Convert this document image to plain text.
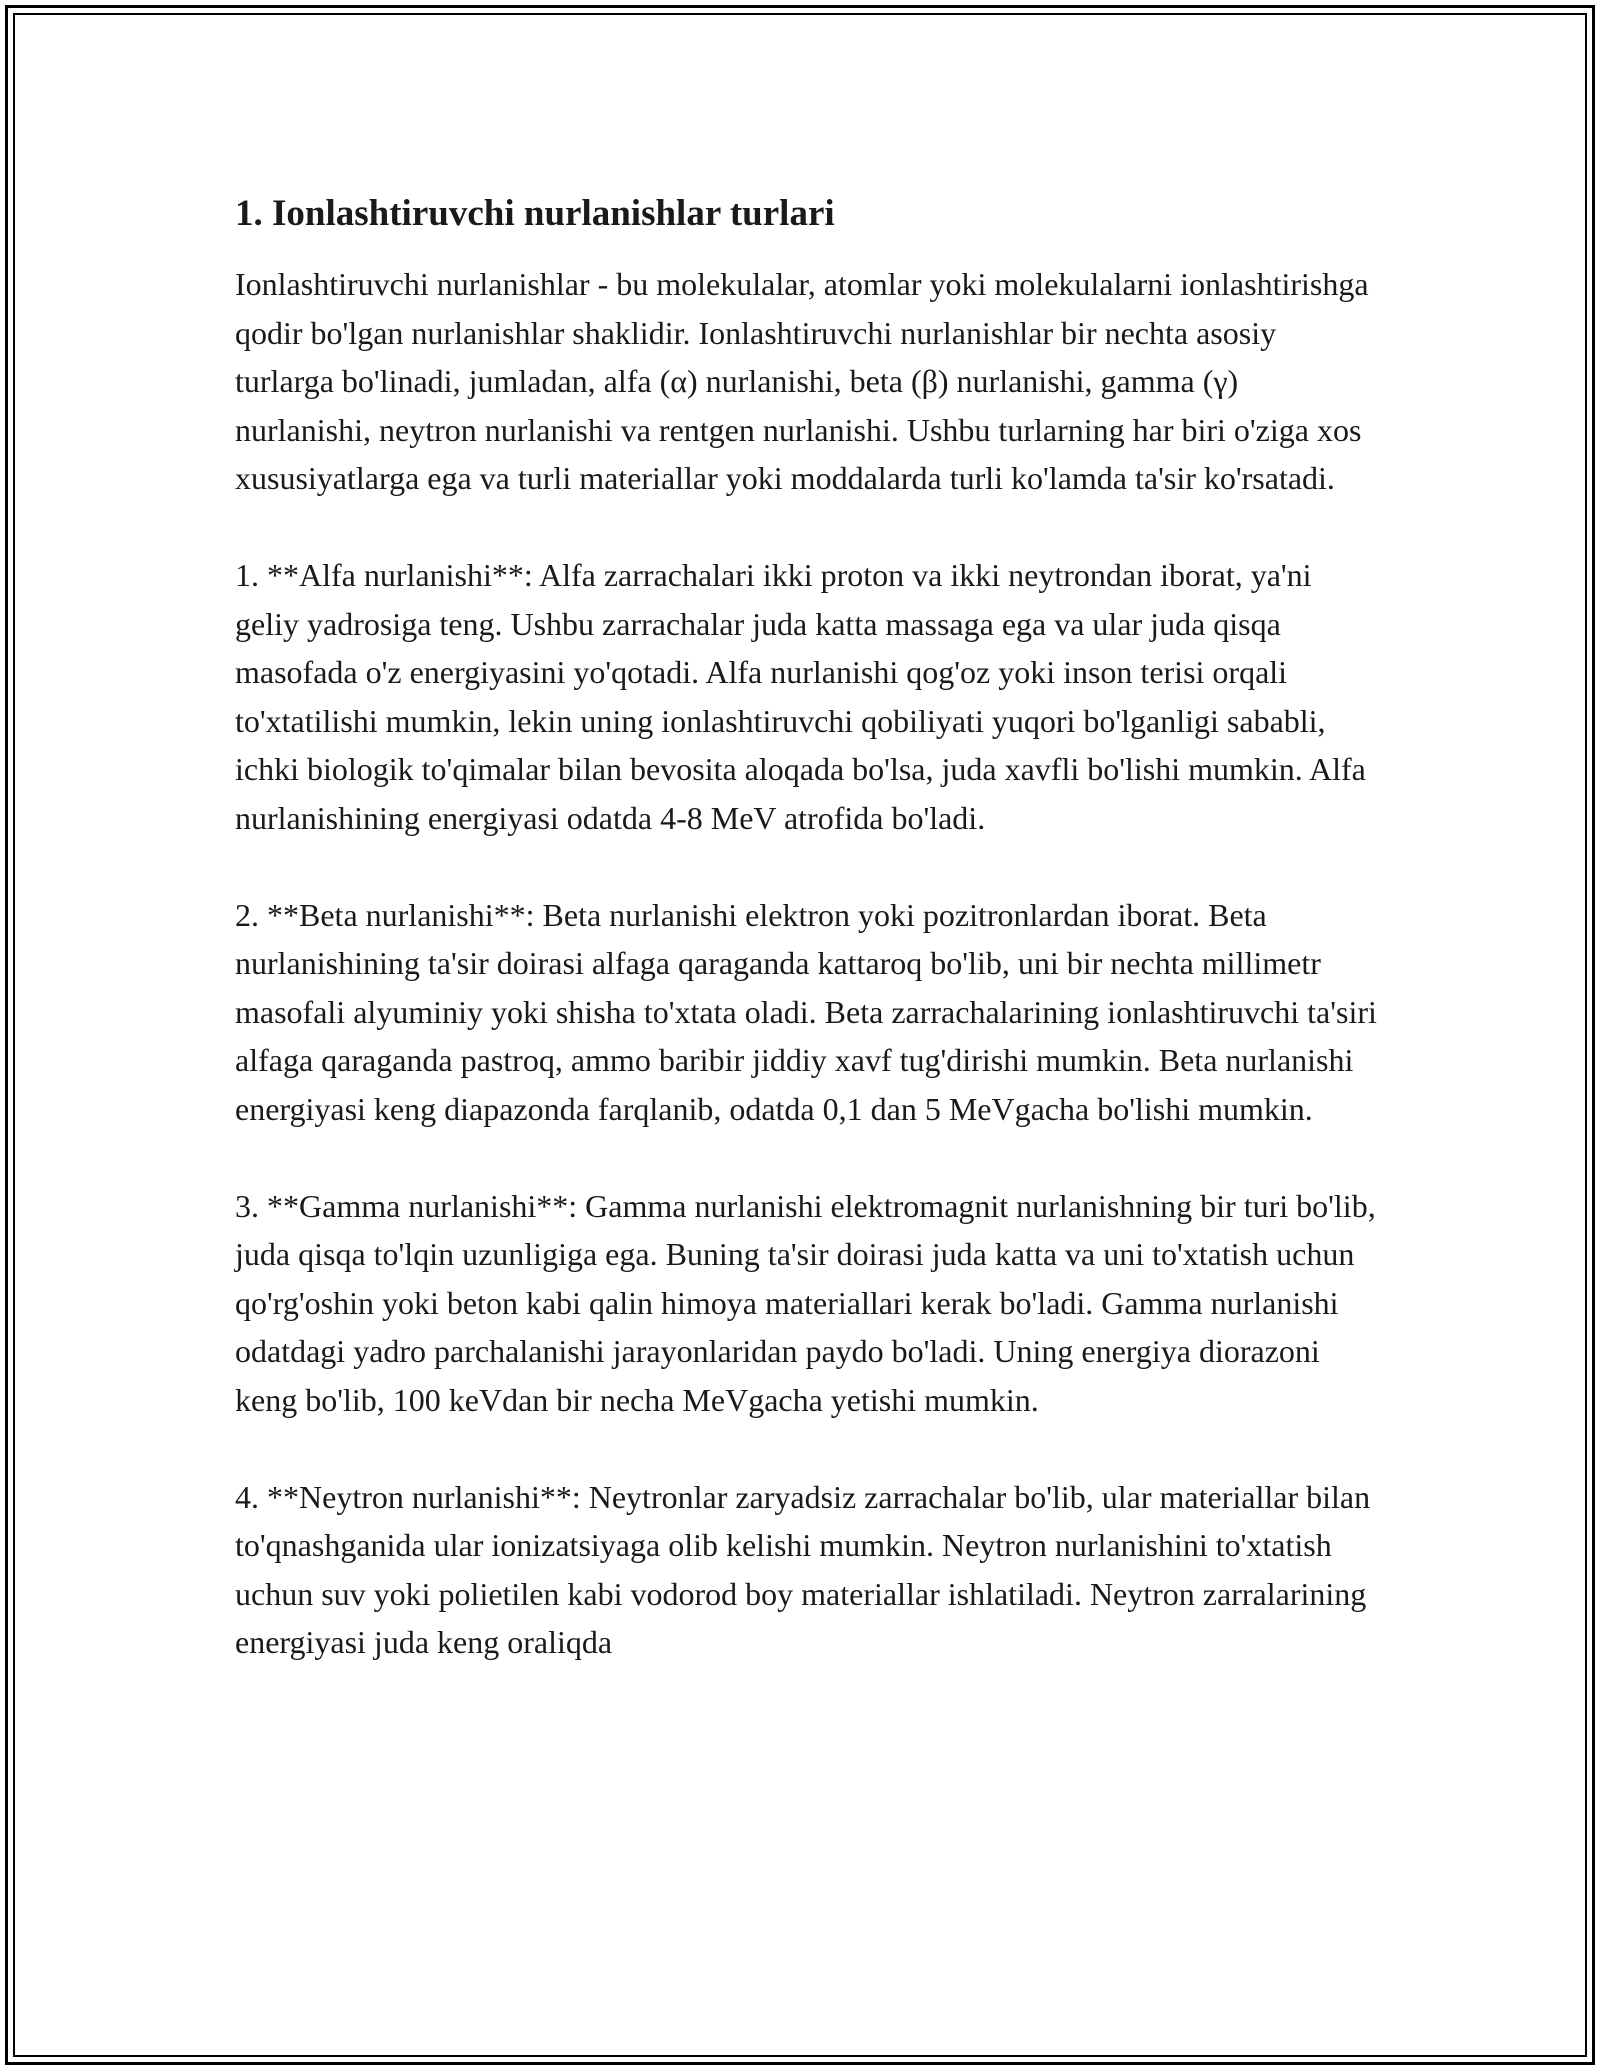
1. Ionlashtiruvchi nurlanishlar turlari

Ionlashtiruvchi nurlanishlar - bu molekulalar, atomlar yoki molekulalarni ionlashtirishga qodir bo'lgan nurlanishlar shaklidir. Ionlashtiruvchi nurlanishlar bir nechta asosiy turlarga bo'linadi, jumladan, alfa (α) nurlanishi, beta (β) nurlanishi, gamma (γ) nurlanishi, neytron nurlanishi va rentgen nurlanishi. Ushbu turlarning har biri o'ziga xos xususiyatlarga ega va turli materiallar yoki moddalarda turli ko'lamda ta'sir ko'rsatadi.

1. **Alfa nurlanishi**: Alfa zarrachalari ikki proton va ikki neytrondan iborat, ya'ni geliy yadrosiga teng. Ushbu zarrachalar juda katta massaga ega va ular juda qisqa masofada o'z energiyasini yo'qotadi. Alfa nurlanishi qog'oz yoki inson terisi orqali to'xtatilishi mumkin, lekin uning ionlashtiruvchi qobiliyati yuqori bo'lganligi sababli, ichki biologik to'qimalar bilan bevosita aloqada bo'lsa, juda xavfli bo'lishi mumkin. Alfa nurlanishining energiyasi odatda 4-8 MeV atrofida bo'ladi.

2. **Beta nurlanishi**: Beta nurlanishi elektron yoki pozitronlardan iborat. Beta nurlanishining ta'sir doirasi alfaga qaraganda kattaroq bo'lib, uni bir nechta millimetr masofali alyuminiy yoki shisha to'xtata oladi. Beta zarrachalarining ionlashtiruvchi ta'siri alfaga qaraganda pastroq, ammo baribir jiddiy xavf tug'dirishi mumkin. Beta nurlanishi energiyasi keng diapazonda farqlanib, odatda 0,1 dan 5 MeVgacha bo'lishi mumkin.

3. **Gamma nurlanishi**: Gamma nurlanishi elektromagnit nurlanishning bir turi bo'lib, juda qisqa to'lqin uzunligiga ega. Buning ta'sir doirasi juda katta va uni to'xtatish uchun qo'rg'oshin yoki beton kabi qalin himoya materiallari kerak bo'ladi. Gamma nurlanishi odatdagi yadro parchalanishi jarayonlaridan paydo bo'ladi. Uning energiya diorazoni keng bo'lib, 100 keVdan bir necha MeVgacha yetishi mumkin.

4. **Neytron nurlanishi**: Neytronlar zaryadsiz zarrachalar bo'lib, ular materiallar bilan to'qnashganida ular ionizatsiyaga olib kelishi mumkin. Neytron nurlanishini to'xtatish uchun suv yoki polietilen kabi vodorod boy materiallar ishlatiladi. Neytron zarralarining energiyasi juda keng oraliqda
